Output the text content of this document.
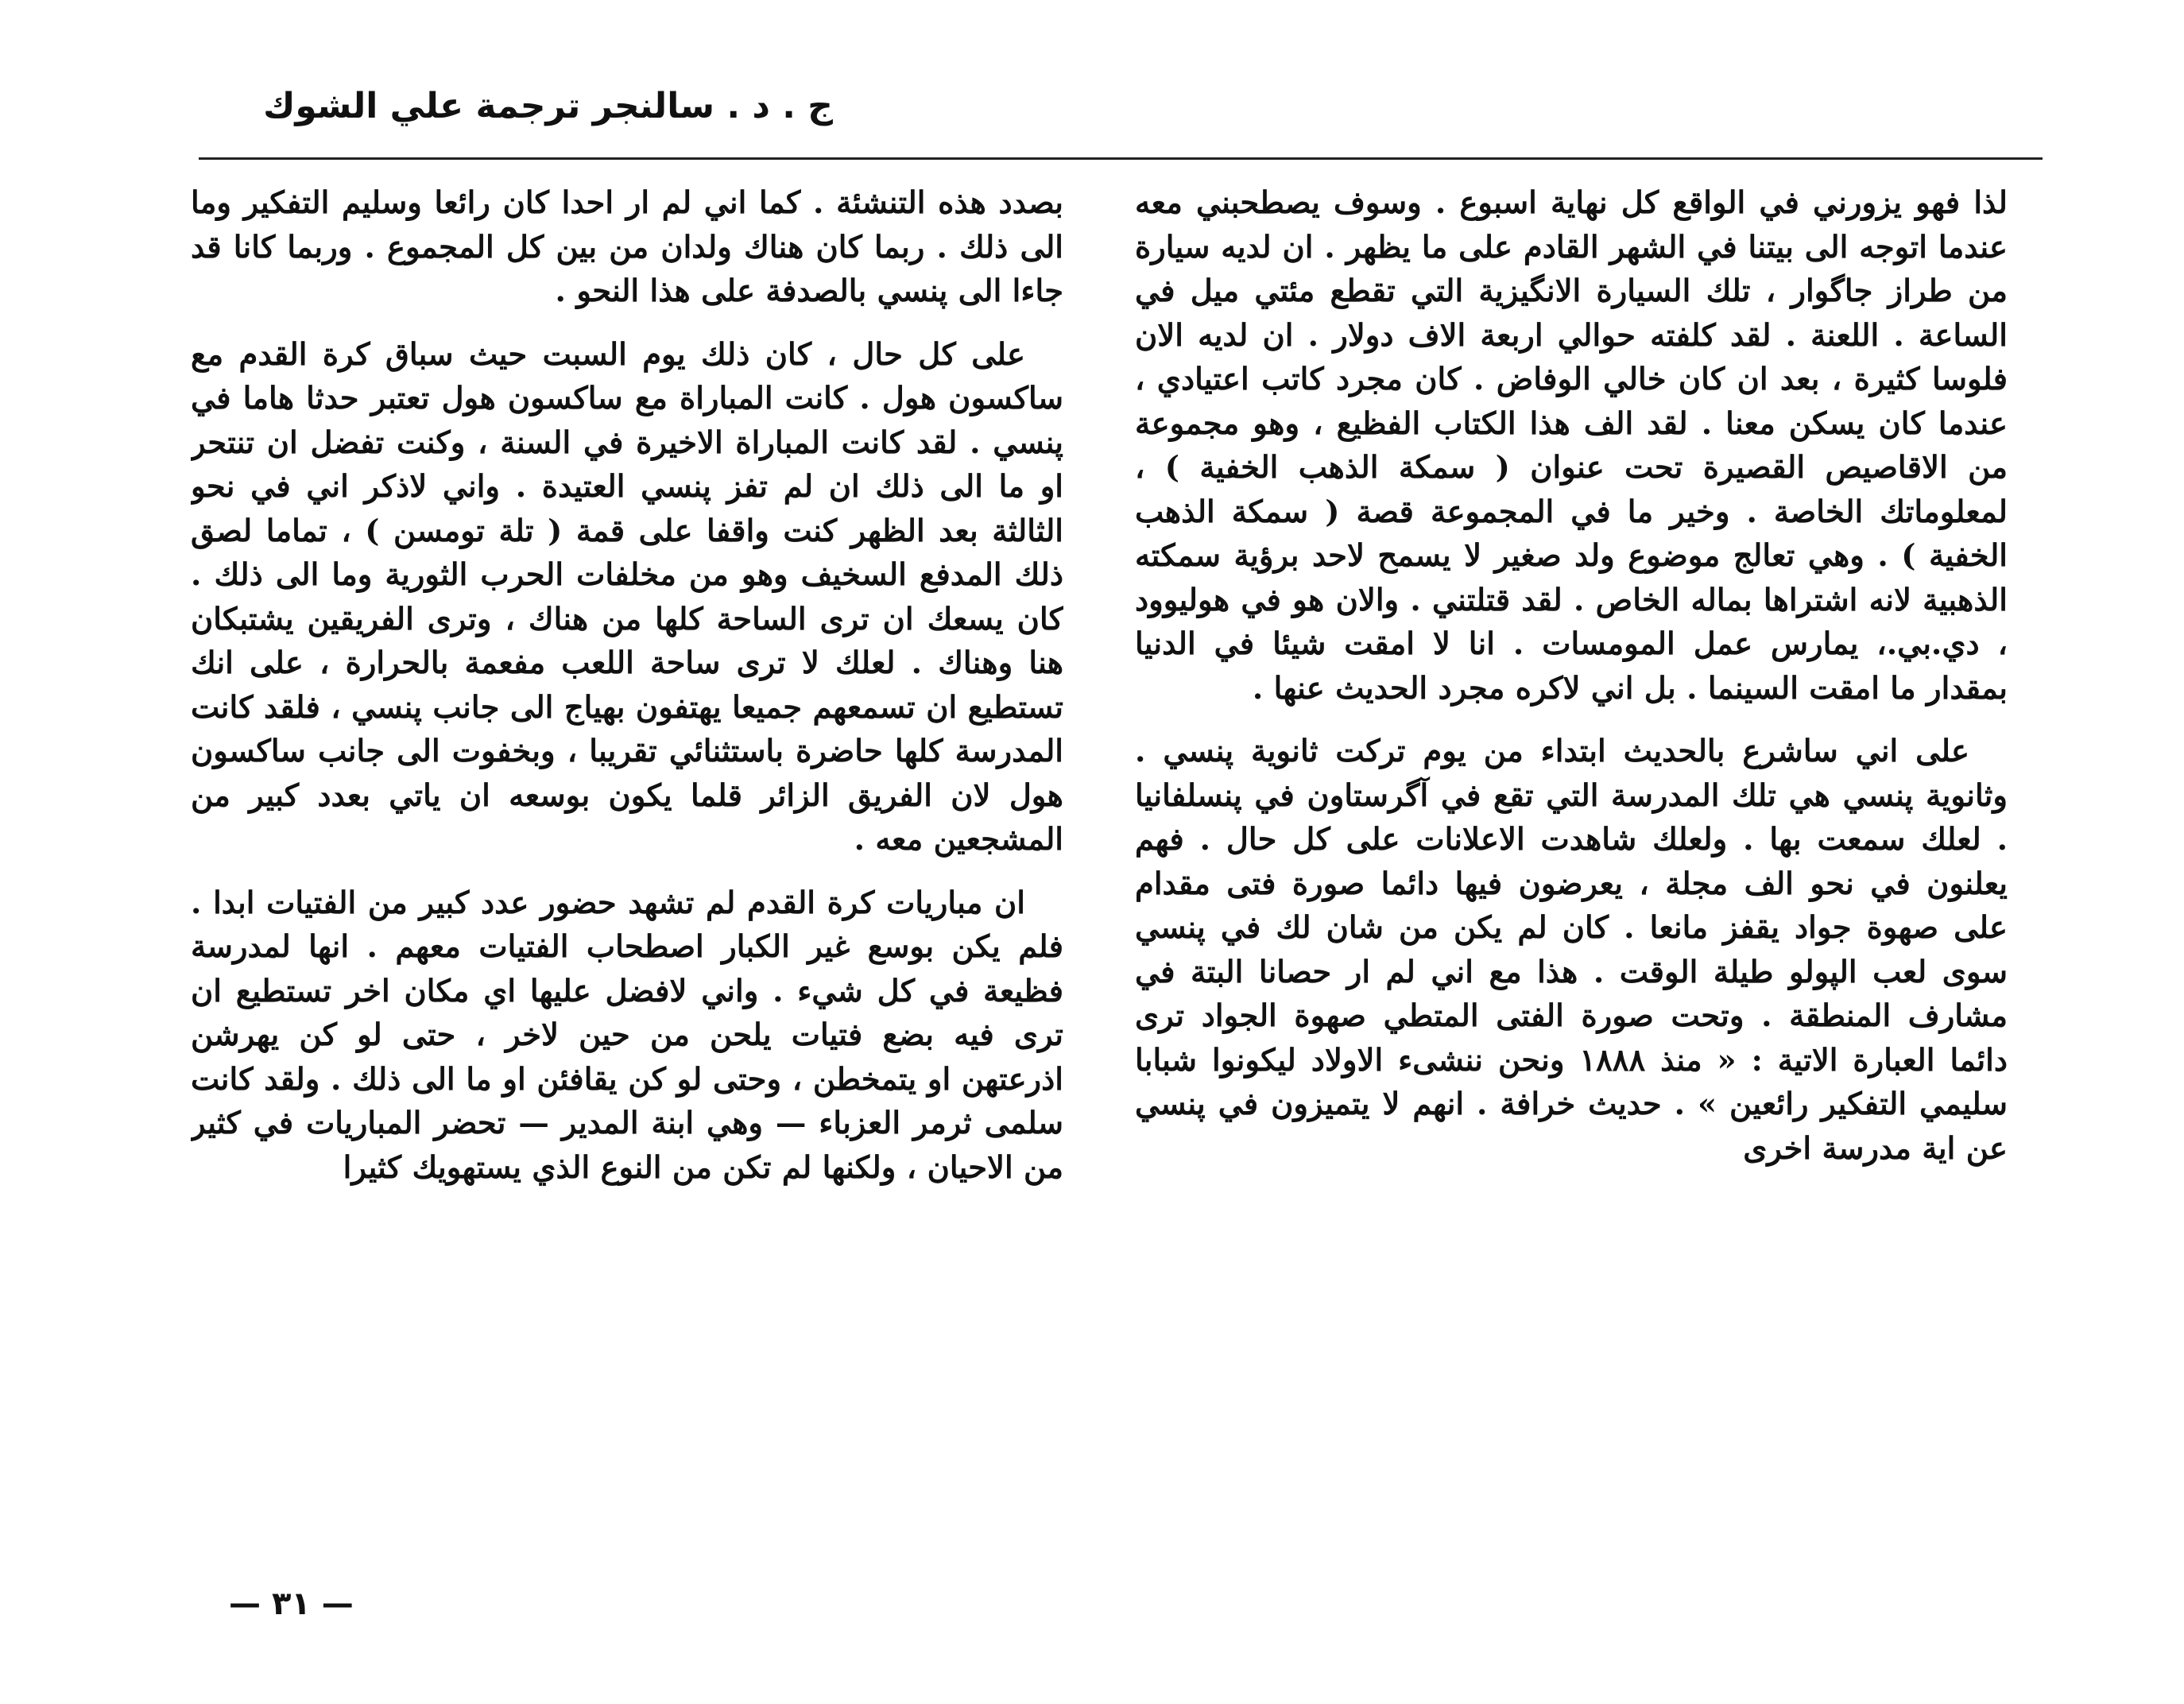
ج . د . سالنجر ترجمة علي الشوك

لذا فهو يزورني في الواقع كل نهاية اسبوع . وسوف يصطحبني معه عندما اتوجه الى بيتنا في الشهر القادم على ما يظهر . ان لديه سيارة من طراز جاگوار ، تلك السيارة الانگيزية التي تقطع مئتي ميل في الساعة . اللعنة . لقد كلفته حوالي اربعة الاف دولار . ان لديه الان فلوسا كثيرة ، بعد ان كان خالي الوفاض . كان مجرد كاتب اعتيادي ، عندما كان يسكن معنا . لقد الف هذا الكتاب الفظيع ، وهو مجموعة من الاقاصيص القصيرة تحت عنوان ( سمكة الذهب الخفية ) ، لمعلوماتك الخاصة . وخير ما في المجموعة قصة ( سمكة الذهب الخفية ) . وهي تعالج موضوع ولد صغير لا يسمح لاحد برؤية سمكته الذهبية لانه اشتراها بماله الخاص . لقد قتلتني . والان هو في هوليوود ، دي.بي.، يمارس عمل المومسات . انا لا امقت شيئا في الدنيا بمقدار ما امقت السينما . بل اني لاكره مجرد الحديث عنها .

على اني ساشرع بالحديث ابتداء من يوم تركت ثانوية پنسي . وثانوية پنسي هي تلك المدرسة التي تقع في آگرستاون في پنسلفانيا . لعلك سمعت بها . ولعلك شاهدت الاعلانات على كل حال . فهم يعلنون في نحو الف مجلة ، يعرضون فيها دائما صورة فتى مقدام على صهوة جواد يقفز مانعا . كان لم يكن من شان لك في پنسي سوى لعب الپولو طيلة الوقت . هذا مع اني لم ار حصانا البتة في مشارف المنطقة . وتحت صورة الفتى المتطي صهوة الجواد ترى دائما العبارة الاتية : « منذ ١٨٨٨ ونحن ننشىء الاولاد ليكونوا شبابا سليمي التفكير رائعين » . حديث خرافة . انهم لا يتميزون في پنسي عن اية مدرسة اخرى

بصدد هذه التنشئة . كما اني لم ار احدا كان رائعا وسليم التفكير وما الى ذلك . ربما كان هناك ولدان من بين كل المجموع . وربما كانا قد جاءا الى پنسي بالصدفة على هذا النحو .

على كل حال ، كان ذلك يوم السبت حيث سباق كرة القدم مع ساكسون هول . كانت المباراة مع ساكسون هول تعتبر حدثا هاما في پنسي . لقد كانت المباراة الاخيرة في السنة ، وكنت تفضل ان تنتحر او ما الى ذلك ان لم تفز پنسي العتيدة . واني لاذكر اني في نحو الثالثة بعد الظهر كنت واقفا على قمة ( تلة تومسن ) ، تماما لصق ذلك المدفع السخيف وهو من مخلفات الحرب الثورية وما الى ذلك . كان يسعك ان ترى الساحة كلها من هناك ، وترى الفريقين يشتبكان هنا وهناك . لعلك لا ترى ساحة اللعب مفعمة بالحرارة ، على انك تستطيع ان تسمعهم جميعا يهتفون بهياج الى جانب پنسي ، فلقد كانت المدرسة كلها حاضرة باستثنائي تقريبا ، وبخفوت الى جانب ساكسون هول لان الفريق الزائر قلما يكون بوسعه ان ياتي بعدد كبير من المشجعين معه .

ان مباريات كرة القدم لم تشهد حضور عدد كبير من الفتيات ابدا . فلم يكن بوسع غير الكبار اصطحاب الفتيات معهم . انها لمدرسة فظيعة في كل شيء . واني لافضل عليها اي مكان اخر تستطيع ان ترى فيه بضع فتيات يلحن من حين لاخر ، حتى لو كن يهرشن اذرعتهن او يتمخطن ، وحتى لو كن يقافئن او ما الى ذلك . ولقد كانت سلمى ثرمر العزباء — وهي ابنة المدير — تحضر المباريات في كثير من الاحيان ، ولكنها لم تكن من النوع الذي يستهويك كثيرا

— ٣١ —
